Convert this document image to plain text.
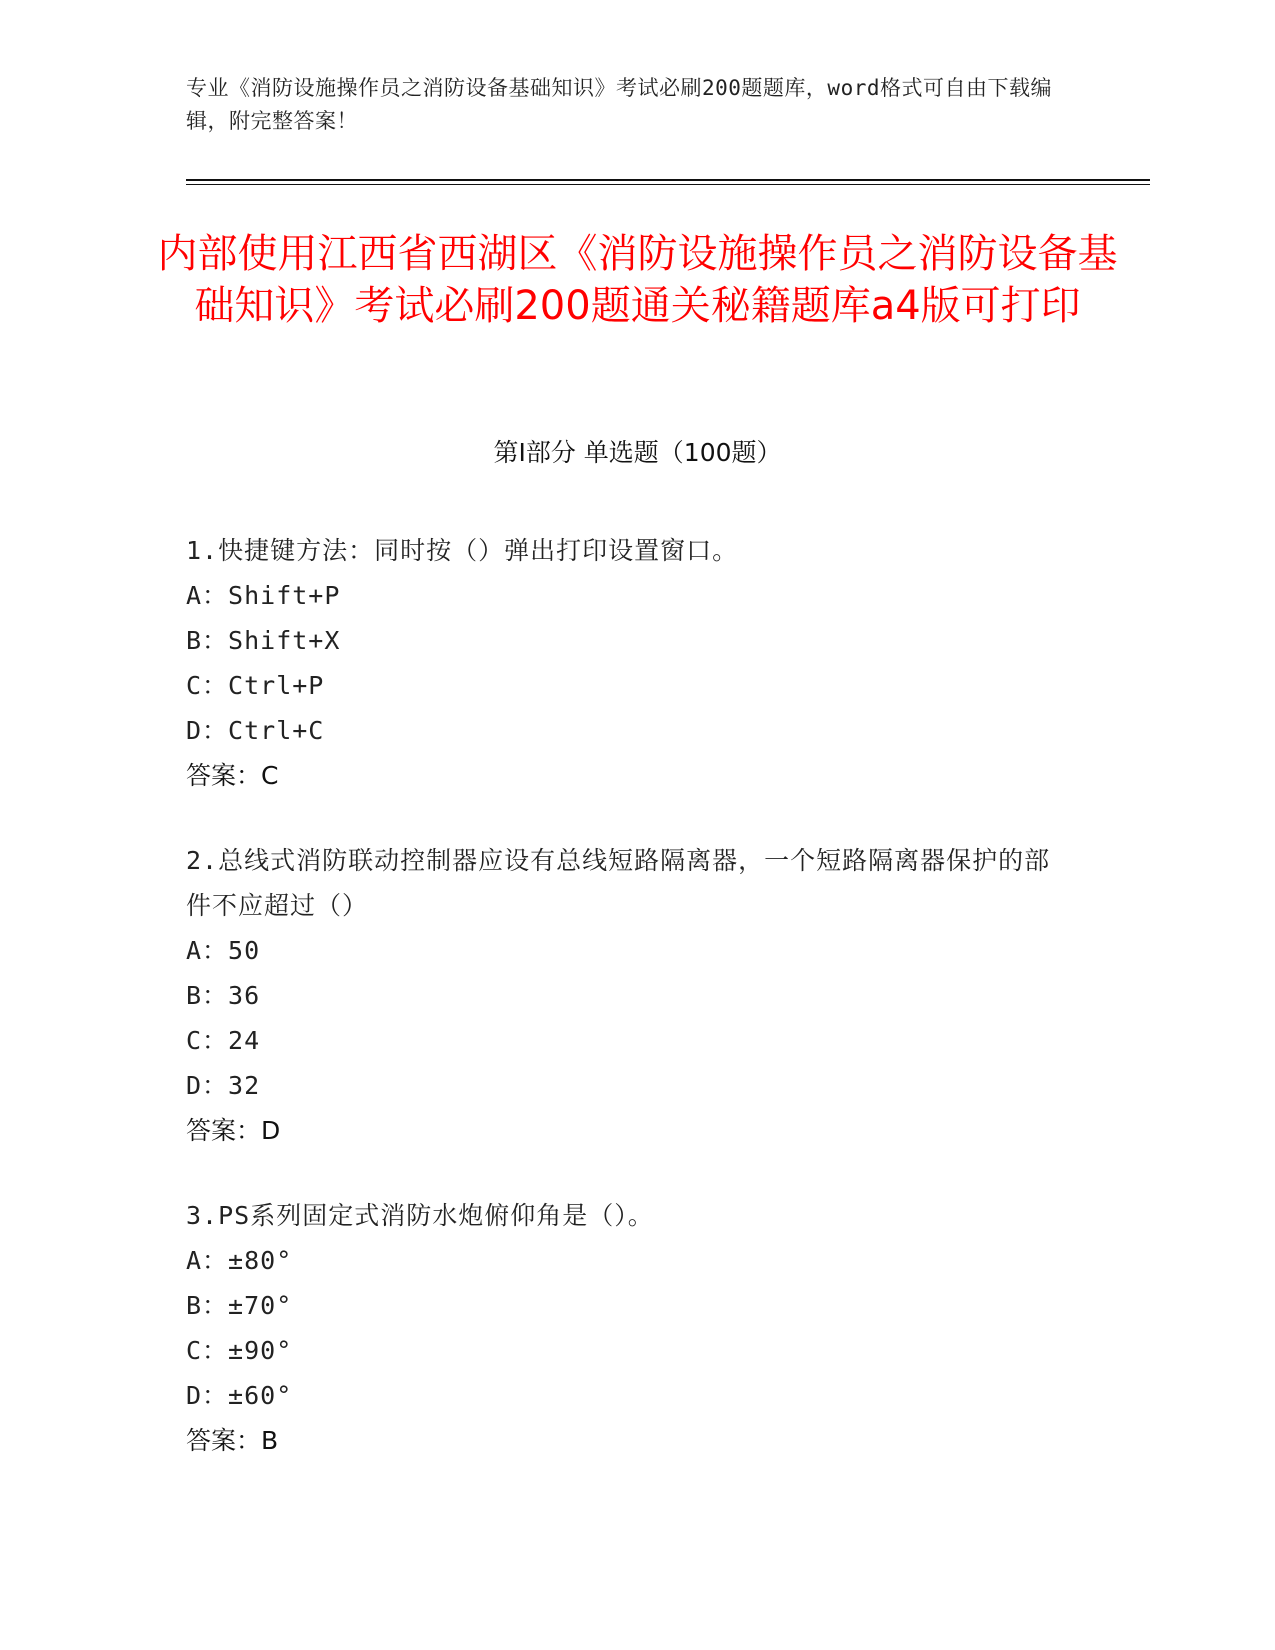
专业《消防设施操作员之消防设备基础知识》考试必刷200题题库，word格式可自由下载编辑，附完整答案！
内部使用江西省西湖区《消防设施操作员之消防设备基础知识》考试必刷200题通关秘籍题库a4版可打印
第Ⅰ部分 单选题（100题）
1.快捷键方法：同时按（）弹出打印设置窗口。
A：Shift+P
B：Shift+X
C：Ctrl+P
D：Ctrl+C
答案：C
2.总线式消防联动控制器应设有总线短路隔离器，一个短路隔离器保护的部件不应超过（）
A：50
B：36
C：24
D：32
答案：D
3.PS系列固定式消防水炮俯仰角是（）。
A：±80°
B：±70°
C：±90°
D：±60°
答案：B
